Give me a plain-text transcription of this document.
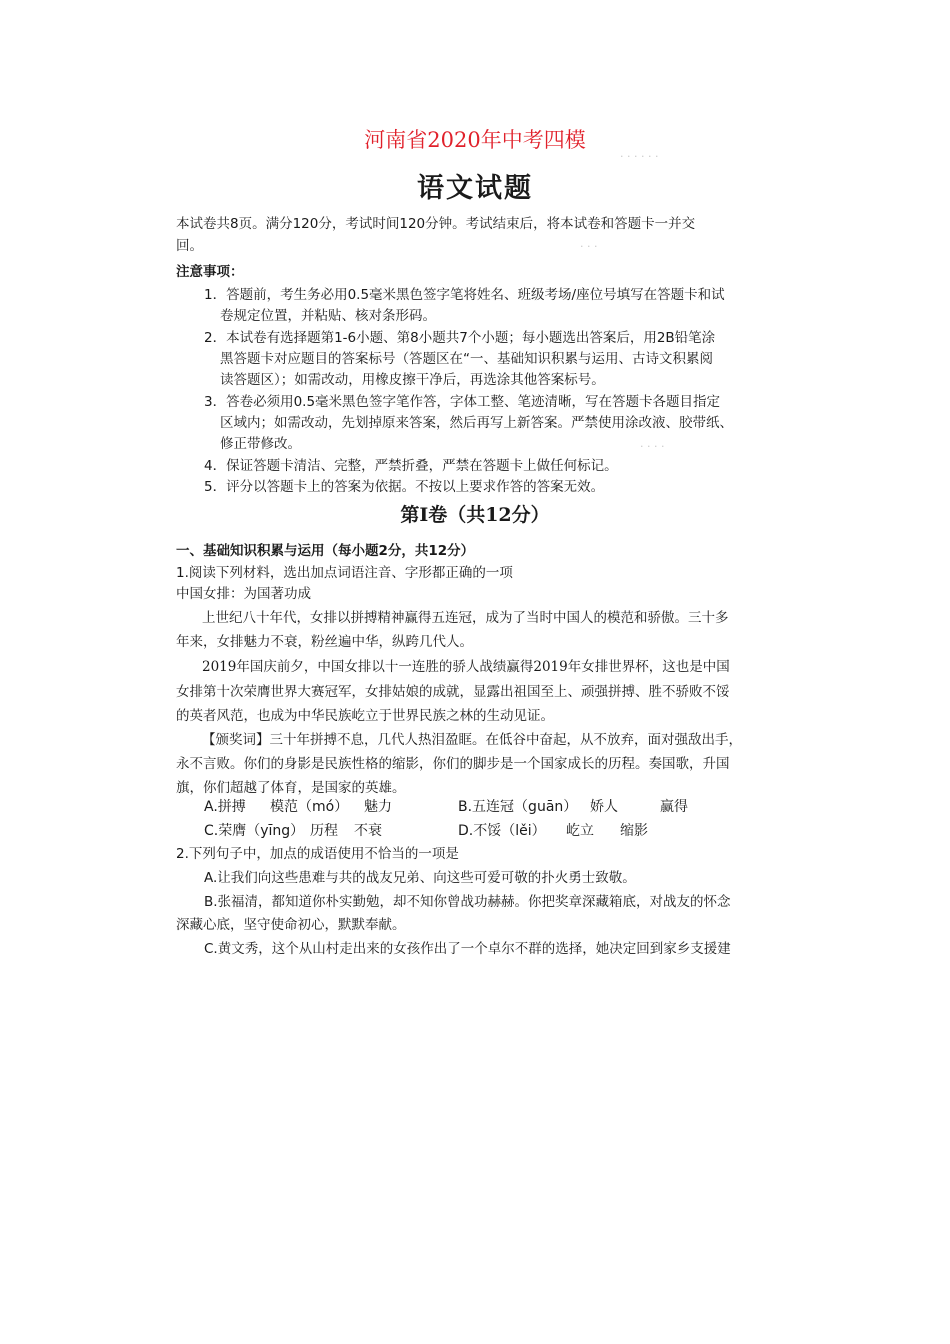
· · · · · ·
· · ·
· · · ·
河南省2020年中考四模
语文试题
本试卷共8页。满分120分，考试时间120分钟。考试结束后，将本试卷和答题卡一并交
回。
注意事项：
1．答题前，考生务必用0.5毫米黑色签字笔将姓名、班级考场/座位号填写在答题卡和试
卷规定位置，并粘贴、核对条形码。
2．本试卷有选择题第1-6小题、第8小题共7个小题；每小题选出答案后，用2B铅笔涂
黑答题卡对应题目的答案标号（答题区在“一、基础知识积累与运用、古诗文积累阅
读答题区）；如需改动，用橡皮擦干净后，再选涂其他答案标号。
3．答卷必须用0.5毫米黑色签字笔作答，字体工整、笔迹清晰，写在答题卡各题目指定
区域内；如需改动，先划掉原来答案，然后再写上新答案。严禁使用涂改液、胶带纸、
修正带修改。
4．保证答题卡清洁、完整，严禁折叠，严禁在答题卡上做任何标记。
5．评分以答题卡上的答案为依据。不按以上要求作答的答案无效。
第Ⅰ卷（共12分）
一、基础知识积累与运用（每小题2分，共12分）
1.阅读下列材料，选出加点词语注音、字形都正确的一项
中国女排：为国著功成
上世纪八十年代，女排以拼搏精神赢得五连冠，成为了当时中国人的模范和骄傲。三十多
年来，女排魅力不衰，粉丝遍中华，纵跨几代人。
2019年国庆前夕，中国女排以十一连胜的骄人战绩赢得2019年女排世界杯，这也是中国
女排第十次荣膺世界大赛冠军，女排姑娘的成就，显露出祖国至上、顽强拼搏、胜不骄败不馁
的英者风范，也成为中华民族屹立于世界民族之林的生动见证。
【颁奖词】三十年拼搏不息，几代人热泪盈眶。在低谷中奋起，从不放弃，面对强敌出手，
永不言败。你们的身影是民族性格的缩影，你们的脚步是一个国家成长的历程。奏国歌，升国
旗，你们超越了体育，是国家的英雄。
A.拼搏 模范（mó） 魅力	B.五连冠（guān） 娇人	赢得
C.荣膺（yīng） 历程 不衰	D.不馁（lěi） 屹立 缩影
2.下列句子中，加点的成语使用不恰当的一项是
A.让我们向这些患难与共的战友兄弟、向这些可爱可敬的扑火勇士致敬。
B.张福清，都知道你朴实勤勉，却不知你曾战功赫赫。你把奖章深藏箱底，对战友的怀念
深藏心底，坚守使命初心，默默奉献。
C.黄文秀，这个从山村走出来的女孩作出了一个卓尔不群的选择，她决定回到家乡支援建
